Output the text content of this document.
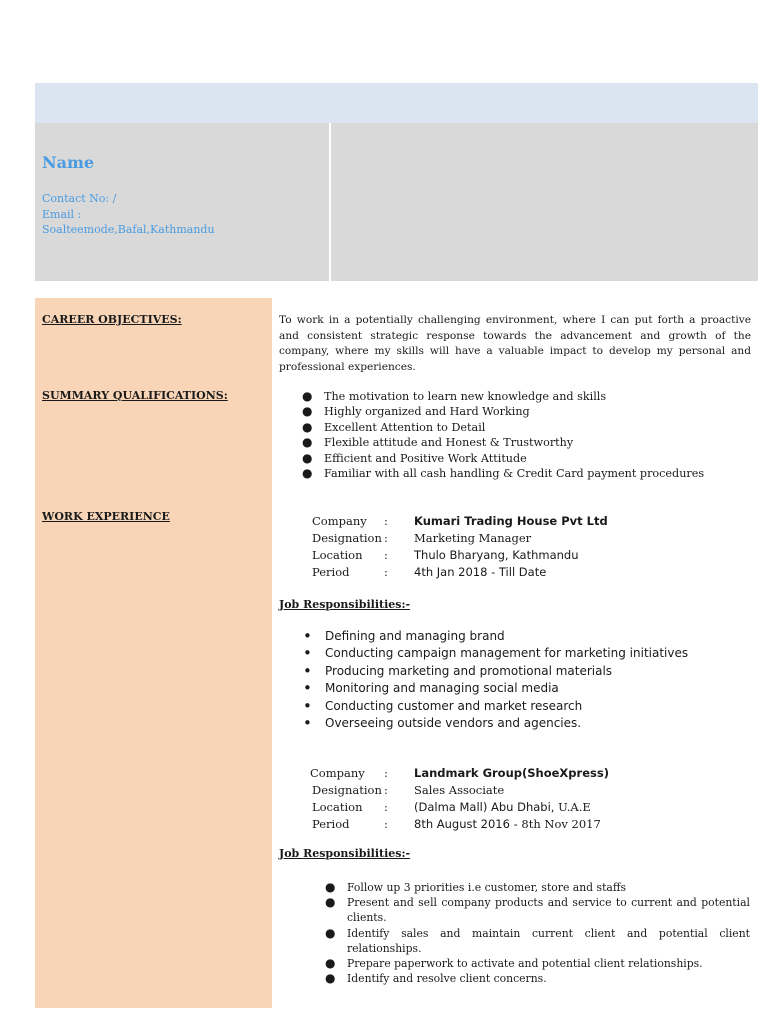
Name
Contact No: /
Email :
Soalteemode,Bafal,Kathmandu
CAREER OBJECTIVES:
SUMMARY QUALIFICATIONS:
WORK EXPERIENCE
To work in a potentially challenging environment, where I can put forth a proactive and consistent strategic response towards the advancement and growth of the company, where my skills will have a valuable impact to develop my personal and professional experiences.
● The motivation to learn new knowledge and skills
● Highly organized and Hard Working
● Excellent Attention to Detail
● Flexible attitude and Honest & Trustworthy
● Efficient and Positive Work Attitude
● Familiar with all cash handling & Credit Card payment procedures
Company : Kumari Trading House Pvt Ltd
Designation : Marketing Manager
Location : Thulo Bharyang, Kathmandu
Period	: 4th Jan 2018 - Till Date
Job Responsibilities:-
• Defining and managing brand
• Conducting campaign management for marketing initiatives
• Producing marketing and promotional materials
• Monitoring and managing social media
• Conducting customer and market research
• Overseeing outside vendors and agencies.
Company : Landmark Group(ShoeXpress)
Designation : Sales Associate
Location : (Dalma Mall) Abu Dhabi, U.A.E
Period	: 8th August 2016 - 8th Nov 2017
Job Responsibilities:-
● Follow up 3 priorities i.e customer, store and staffs
● Present and sell company products and service to current and potential clients.
● Identify sales and maintain current client and potential client relationships.
● Prepare paperwork to activate and potential client relationships.
● Identify and resolve client concerns.
